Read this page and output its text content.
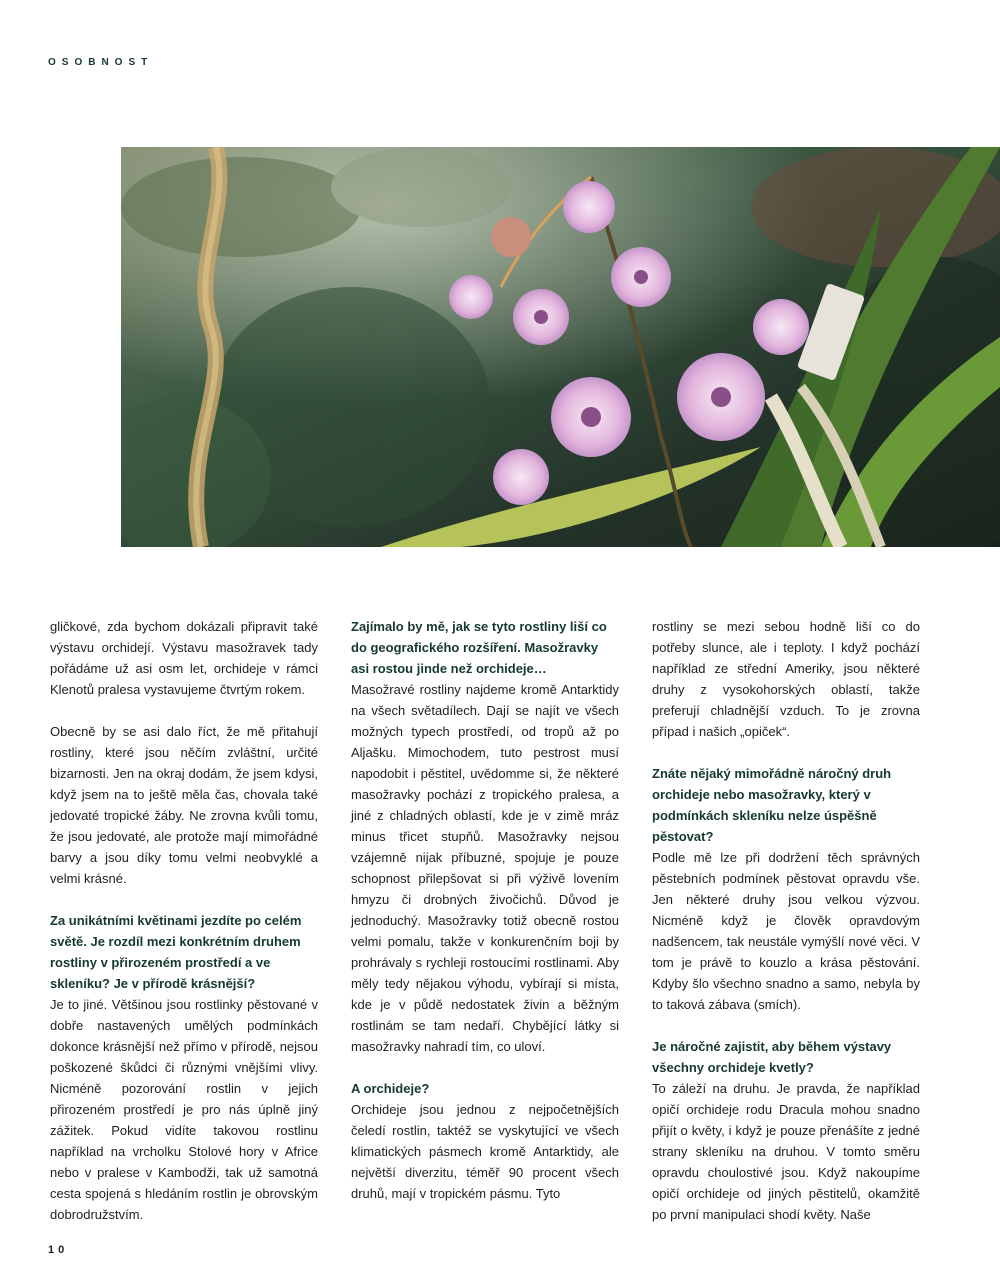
OSOBNOST

gličkové, zda bychom dokázali připravit také výstavu orchidejí. Výstavu masožravek tady pořádáme už asi osm let, orchideje v rámci Klenotů pralesa vystavujeme čtvrtým rokem.

Obecně by se asi dalo říct, že mě přitahují rostliny, které jsou něčím zvláštní, určité bizarnosti. Jen na okraj dodám, že jsem kdysi, když jsem na to ještě měla čas, chovala také jedovaté tropické žáby. Ne zrovna kvůli tomu, že jsou jedovaté, ale protože mají mimořádné barvy a jsou díky tomu velmi neobvyklé a velmi krásné.

Za unikátními květinami jezdíte po celém světě. Je rozdíl mezi konkrétním druhem rostliny v přirozeném prostředí a ve skleníku? Je v přírodě krásnější?

Je to jiné. Většinou jsou rostlinky pěstované v dobře nastavených umělých podmínkách dokonce krásnější než přímo v přírodě, nejsou poškozené škůdci či různými vnějšími vlivy. Nicméně pozorování rostlin v jejich přirozeném prostředí je pro nás úplně jiný zážitek. Pokud vidíte takovou rostlinu například na vrcholku Stolové hory v Africe nebo v pralese v Kambodži, tak už samotná cesta spojená s hledáním rostlin je obrovským dobrodružstvím.

Zajímalo by mě, jak se tyto rostliny liší co do geografického rozšíření. Masožravky asi rostou jinde než orchideje…

Masožravé rostliny najdeme kromě Antarktidy na všech světadílech. Dají se najít ve všech možných typech prostředí, od tropů až po Aljašku. Mimochodem, tuto pestrost musí napodobit i pěstitel, uvědomme si, že některé masožravky pochází z tropického pralesa, a jiné z chladných oblastí, kde je v zimě mráz minus třicet stupňů. Masožravky nejsou vzájemně nijak příbuzné, spojuje je pouze schopnost přilepšovat si při výživě lovením hmyzu či drobných živočichů. Důvod je jednoduchý. Masožravky totiž obecně rostou velmi pomalu, takže v konkurenčním boji by prohrávaly s rychleji rostoucími rostlinami. Aby měly tedy nějakou výhodu, vybírají si místa, kde je v půdě nedostatek živin a běžným rostlinám se tam nedaří. Chybějící látky si masožravky nahradí tím, co uloví.

A orchideje?

Orchideje jsou jednou z nejpočetnějších čeledí rostlin, taktéž se vyskytující ve všech klimatických pásmech kromě Antarktidy, ale největší diverzitu, téměř 90 procent všech druhů, mají v tropickém pásmu. Tyto

rostliny se mezi sebou hodně liší co do potřeby slunce, ale i teploty. I když pochází například ze střední Ameriky, jsou některé druhy z vysokohorských oblastí, takže preferují chladnější vzduch. To je zrovna případ i našich „opiček“.

Znáte nějaký mimořádně náročný druh orchideje nebo masožravky, který v podmínkách skleníku nelze úspěšně pěstovat?

Podle mě lze při dodržení těch správných pěstebních podmínek pěstovat opravdu vše. Jen některé druhy jsou velkou výzvou. Nicméně když je člověk opravdovým nadšencem, tak neustále vymýšlí nové věci. V tom je právě to kouzlo a krása pěstování. Kdyby šlo všechno snadno a samo, nebyla by to taková zábava (smích).

Je náročné zajistit, aby během výstavy všechny orchideje kvetly?

To záleží na druhu. Je pravda, že například opičí orchideje rodu Dracula mohou snadno přijít o květy, i když je pouze přenášíte z jedné strany skleníku na druhou. V tomto směru opravdu choulostivé jsou. Když nakoupíme opičí orchideje od jiných pěstitelů, okamžitě po první manipulaci shodí květy. Naše

10
